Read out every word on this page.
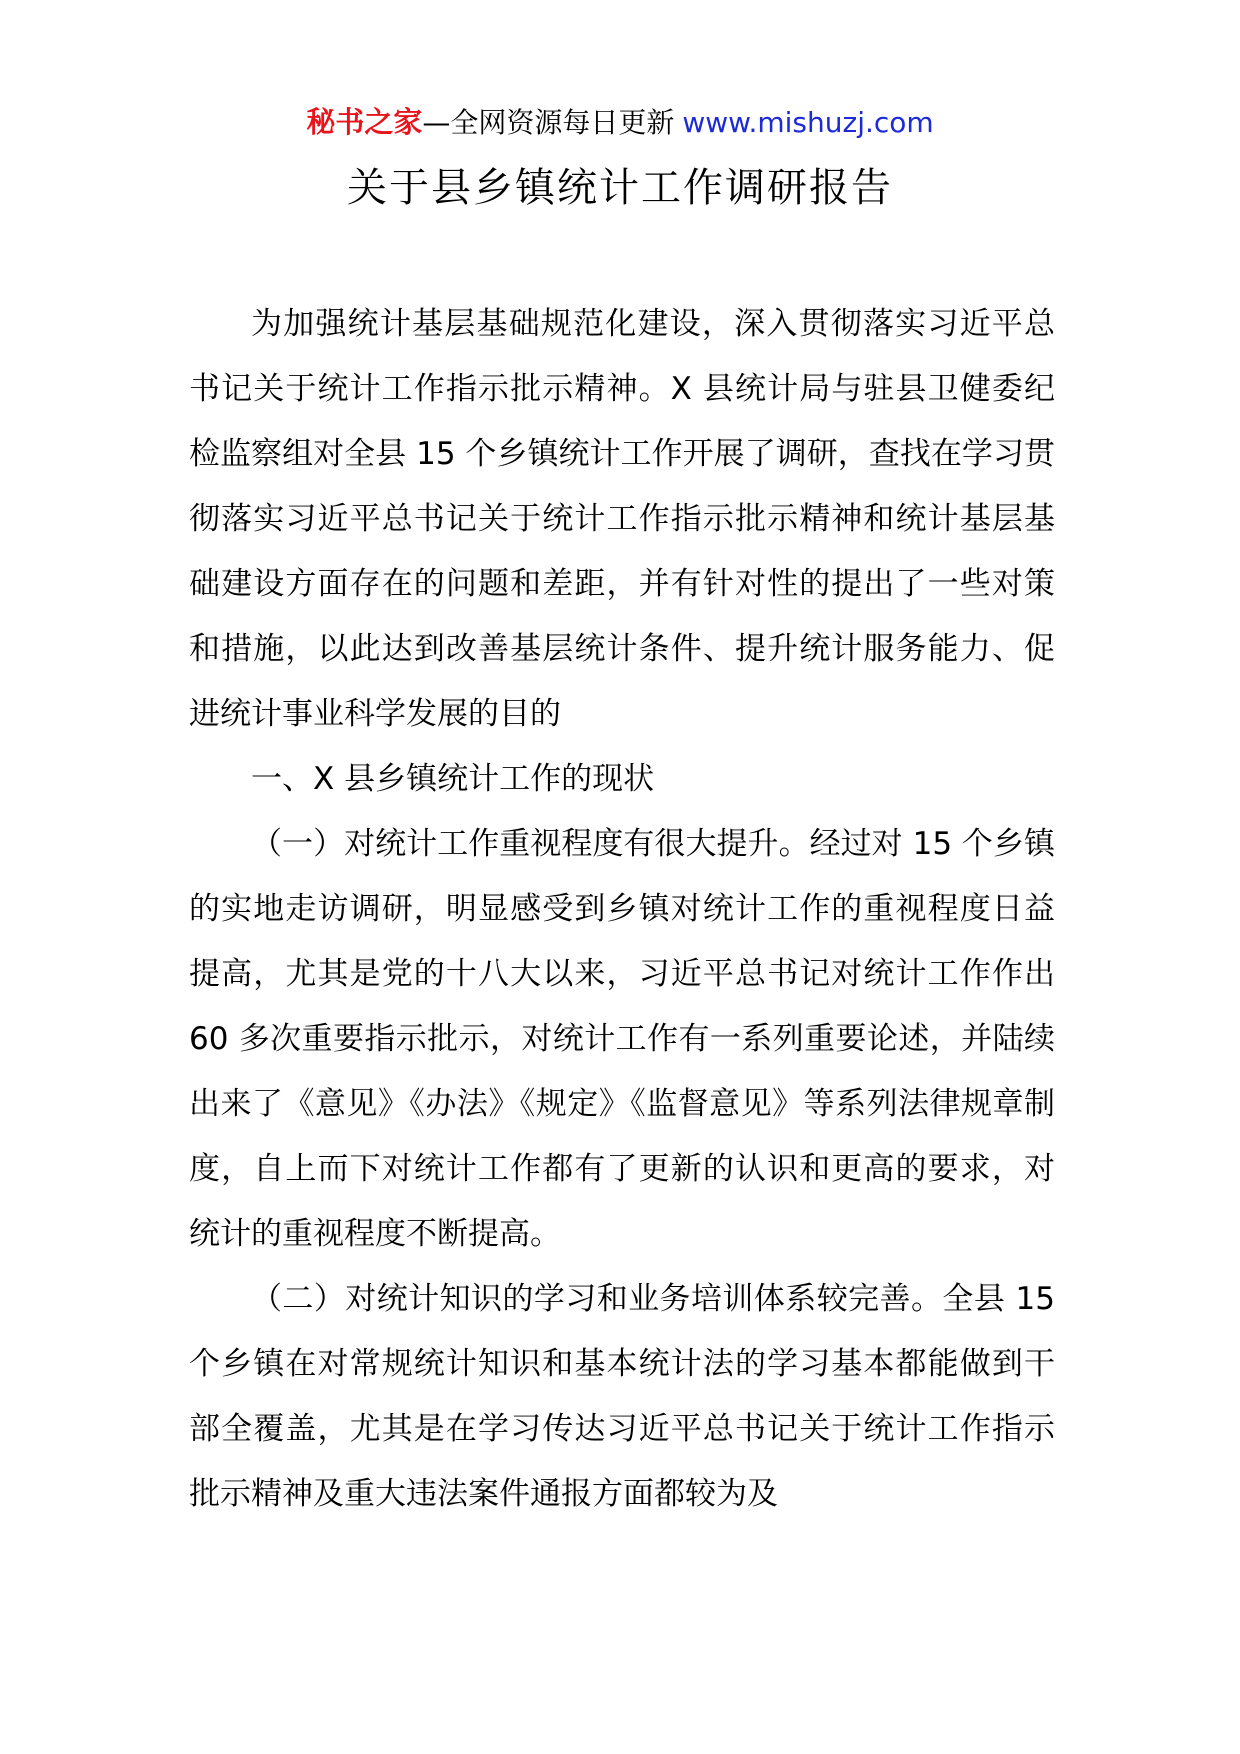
秘书之家—全网资源每日更新 www.mishuzj.com
关于县乡镇统计工作调研报告

为加强统计基层基础规范化建设，深入贯彻落实习近平总书记关于统计工作指示批示精神。X 县统计局与驻县卫健委纪检监察组对全县 15 个乡镇统计工作开展了调研，查找在学习贯彻落实习近平总书记关于统计工作指示批示精神和统计基层基础建设方面存在的问题和差距，并有针对性的提出了一些对策和措施，以此达到改善基层统计条件、提升统计服务能力、促进统计事业科学发展的目的

一、X 县乡镇统计工作的现状

（一）对统计工作重视程度有很大提升。经过对 15 个乡镇的实地走访调研，明显感受到乡镇对统计工作的重视程度日益提高，尤其是党的十八大以来，习近平总书记对统计工作作出 60 多次重要指示批示，对统计工作有一系列重要论述，并陆续出来了《意见》《办法》《规定》《监督意见》等系列法律规章制度，自上而下对统计工作都有了更新的认识和更高的要求，对统计的重视程度不断提高。

（二）对统计知识的学习和业务培训体系较完善。全县 15 个乡镇在对常规统计知识和基本统计法的学习基本都能做到干部全覆盖，尤其是在学习传达习近平总书记关于统计工作指示批示精神及重大违法案件通报方面都较为及
